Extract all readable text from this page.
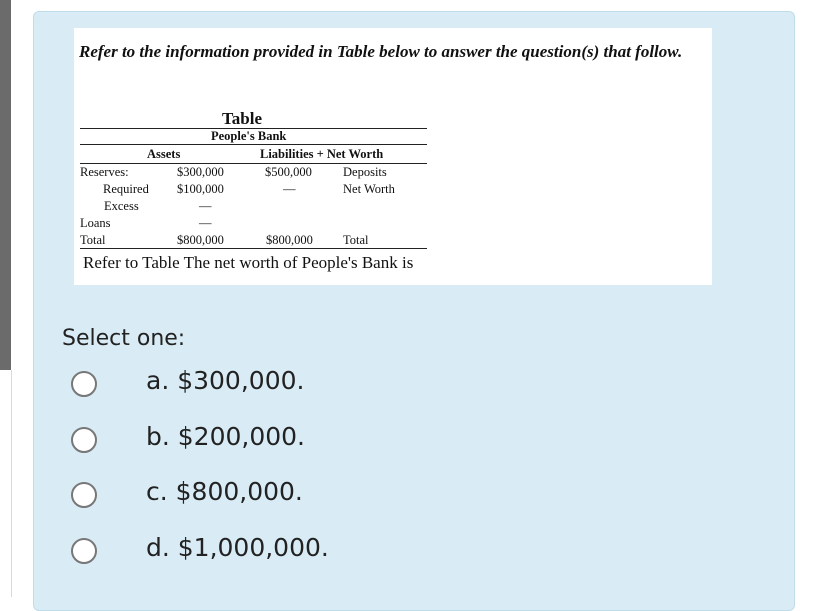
Refer to the information provided in Table below to answer the question(s) that follow.
Table
People's Bank
Assets	Liabilities + Net Worth
Reserves:	$300,000	$500,000 Deposits
Required $100,000	—	Net Worth
Excess	—
Loans	—
Total	$800,000	$800,000 Total
Refer to Table The net worth of People's Bank is
Select one:
a. $300,000.
b. $200,000.
c. $800,000.
d. $1,000,000.
